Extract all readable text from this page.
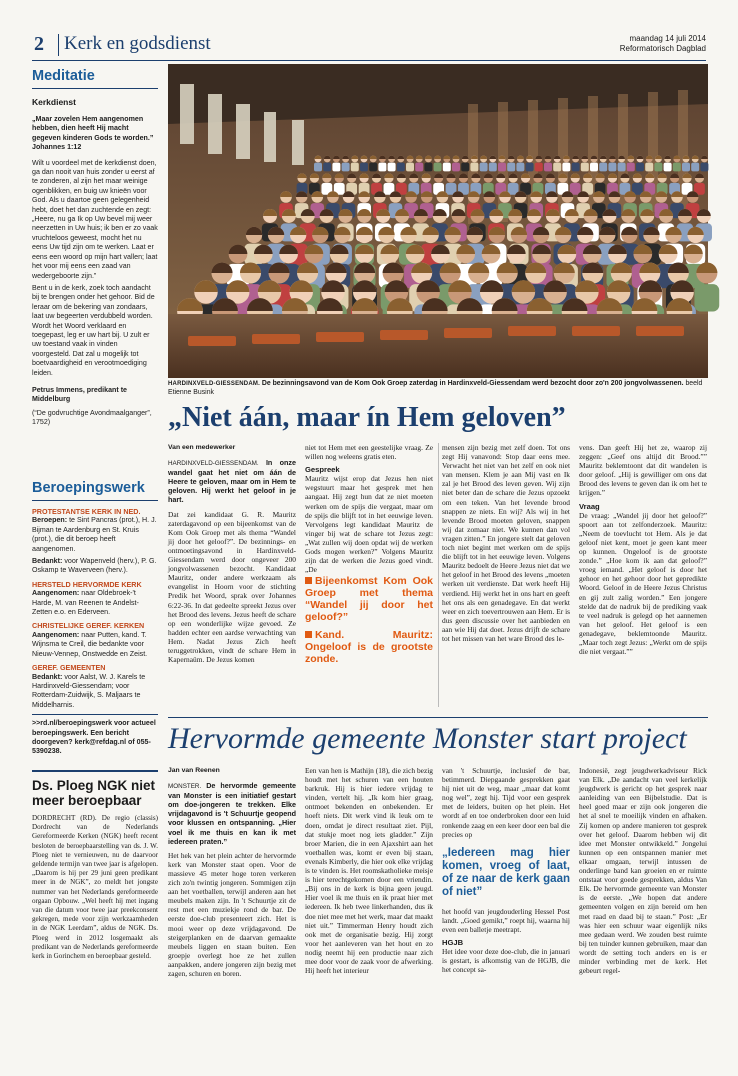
2 Kerk en godsdienst	maandag 14 juli 2014
Reformatorisch Dagblad
Meditatie
Kerkdienst
„Maar zovelen Hem aangenomen hebben, dien heeft Hij macht gegeven kinderen Gods te worden.” Johannes 1:12

Wilt u voordeel met de kerkdienst doen, ga dan nooit van huis zonder u eerst af te zonderen, al zijn het maar weinige ogenblikken, en buig uw knieën voor God. Als u daartoe geen gelegenheid hebt, doet het dan zuchtende en zegt: „Heere, nu ga Ik op Uw bevel mij weer neerzetten in Uw huis; ik ben er zo vaak vruchteloos geweest, mocht het nu eens Uw tijd zijn om te werken. Laat er eens een woord op mijn hart vallen; laat het voor mij eens een zaad van wedergeboorte zijn.”

Bent u in de kerk, zoek toch aandacht bij te brengen onder het gehoor. Bid de leraar om de bekering van zondaars, laat uw begeerten verdubbeld worden. Wordt het Woord verklaard en toegepast, leg er uw hart bij. U zult er uw toestand vaak in vinden voorgesteld. Dat zal u mogelijk tot boetvaardigheid en verootmoediging leiden.

Petrus Immens, predikant te Middelburg
(“De godvruchtige Avondmaalganger”, 1752)
Beroepingswerk
PROTESTANTSE KERK IN NED.

Beroepen: te Sint Pancras (prot.), H. J. Bijman te Aardenburg en St. Kruis (prot.), die dit beroep heeft aangenomen.

Bedankt: voor Wapenveld (herv.), P. G. Oskamp te Waverveen (herv.).

HERSTELD HERVORMDE KERK

Aangenomen: naar Oldebroek-'t Harde, M. van Reenen te Andelst-Zetten e.o. en Ederveen.

CHRISTELIJKE GEREF. KERKEN

Aangenomen: naar Putten, kand. T. Wijnsma te Creil, die bedankte voor Nieuw-Vennep, Onstwedde en Zeist.

GEREF. GEMEENTEN

Bedankt: voor Aalst, W. J. Karels te Hardinxveld-Giessendam; voor Rotterdam-Zuidwijk, S. Maljaars te Middelharnis.

>>rd.nl/beroepingswerk voor actueel beroepingswerk. Een bericht doorgeven? kerk@refdag.nl of 055-5390238.
Ds. Ploeg NGK niet meer beroepbaar
DORDRECHT (RD). De regio (classis) Dordrecht van de Nederlands Gereformeerde Kerken (NGK) heeft recent besloten de beroepbaarstelling van ds. J. W. Ploeg niet te vernieuwen, nu de daarvoor geldende termijn van twee jaar is afgelopen. „Daarom is hij per 29 juni geen predikant meer in de NGK”, zo meldt het jongste nummer van het Nederlands gereformeerde orgaan Opbouw. „Wel heeft hij met ingang van die datum voor twee jaar preekconsent gekregen, mede voor zijn werkzaamheden in de NGK Leerdam”, aldus de NGK. Ds. Ploeg werd in 2012 losgemaakt als predikant van de Nederlands gereformeerde kerk in Gorinchem en beroepbaar gesteld.
HARDINXVELD-GIESSENDAM. De bezinningsavond van de Kom Ook Groep zaterdag in Hardinxveld-Giessendam werd bezocht door zo'n 200 jongvolwassenen. beeld Etienne Busink
„Niet áán, maar ín Hem geloven”
Van een medewerker
HARDINXVELD-GIESSENDAM. In onze wandel gaat het niet om áán de Heere te geloven, maar om in Hem te geloven. Hij werkt het geloof in je hart.

Dat zei kandidaat G. R. Mauritz zaterdagavond op een bijeenkomst van de Kom Ook Groep met als thema “Wandel jij door het geloof?”. De bezinnings- en ontmoetingsavond in Hardinxveld-Giessendam werd door ongeveer 200 jongvolwassenen bezocht. Kandidaat Mauritz, onder andere werkzaam als evangelist in Hoorn voor de stichting Predik het Woord, sprak over Johannes 6:22-36. In dat gedeelte spreekt Jezus over het Brood des levens. Jezus heeft de schare op een wonderlijke wijze gevoed. Ze hadden echter een aardse verwachting van Hem. Nadat Jezus Zich heeft teruggetrokken, vindt de schare Hem in Kapernaüm. De Jezus komen

niet tot Hem met een geestelijke vraag. Ze willen nog weleens gratis eten.

Gespreek

Mauritz wijst erop dat Jezus hen niet wegstuurt maar het gesprek met hen aangaat. Hij zegt hun dat ze niet moeten werken om de spijs die vergaat, maar om de spijs die blijft tot in het eeuwige leven. Vervolgens legt kandidaat Mauritz de vinger bij wat de schare tot Jezus zegt: „Wat zullen wij doen opdat wij de werken Gods mogen werken?” Volgens Mauritz zijn dat de werken die Jezus goed vindt. „De

Bijeenkomst Kom Ook Groep met thema “Wandel jij door het geloof?”
Kand. Mauritz: Ongeloof is de grootste zonde.
mensen zijn bezig met zelf doen. Tot ons zegt Hij vanavond: Stop daar eens mee. Verwacht het niet van het zelf en ook niet van mensen. Klem je aan Mij vast en Ik zal je het Brood des leven geven. Wij zijn niet beter dan de schare die Jezus opzoekt om een teken. Van het levende brood snappen ze niets. En wij? Als wij in het levende Brood moeten geloven, snappen wij dat zomaar niet. We kunnen dan vol vragen zitten.” En jongere stelt dat geloven toch niet begint met werken om de spijs die blijft tot in het eeuwige leven. Volgens Mauritz bedoelt de Heere Jezus niet dat we het geloof in het Brood des levens „moeten werken uit verdienste. Dat werk heeft Hij verdiend. Hij werkt het in ons hart en geeft het ons als een genadegave. En dat werkt weer en zich toevertrouwen aan Hem. Er is dus geen discussie over het aanbieden en aan wie Hij dat doet. Jezus drijft de schare tot het missen van het ware Brood des le-

vens. Dan geeft Hij het ze, waarop zij zeggen: „Geef ons altijd dit Brood.”” Mauritz beklemtoont dat dit wandelen is door geloof. „Hij is gewilliger om ons dat Brood des levens te geven dan ik om het te krijgen.”

Vraag

De vraag: „Wandel jij door het geloof?” spoort aan tot zelfonderzoek. Mauritz: „Neem de toevlucht tot Hem. Als je dat geloof niet kent, moet je geen kant meer op kunnen. Ongeloof is de grootste zonde.” „Hoe kom ik aan dat geloof?” vroeg iemand. „Het geloof is door het gehoor en het gehoor door het gepredikte Woord. Geloof in de Heere Jezus Christus en gij zult zalig worden.” Een jongere stelde dat de nadruk bij de prediking vaak te veel nadruk is gelegd op het aannemen van het geloof. Het geloof is een genadegave, beklemtoonde Mauritz. „Maar toch zegt Jezus: „Werkt om de spijs die niet vergaat.””

Hervormde gemeente Monster start project
Jan van Reenen
MONSTER. De hervormde gemeente van Monster is een initiatief gestart om doe-jongeren te trekken. Elke vrijdagavond is 't Schuurtje geopend voor klussen en ontspanning. „Hier voel ik me thuis en kan ik met iedereen praten.”

Het hek van het plein achter de hervormde kerk van Monster staat open. Voor de massieve 45 meter hoge toren verkeren zich zo'n twintig jongeren. Sommigen zijn aan het voetballen, terwijl anderen aan het meubels maken zijn. In 't Schuurtje zit de rest met een muziekje rond de bar. De eerste doe-club presenteert zich. Het is mooi weer op deze vrijdagavond. De steigerplanken en de daarvan gemaakte meubels liggen en staan buiten. Een groepje overlegt hoe ze het zullen aanpakken, andere jongeren zijn bezig met zagen, schuren en boren.

Een van hen is Mathijn (18), die zich bezig houdt met het schuren van een houten barkruk. Hij is hier iedere vrijdag te vinden, vertelt hij. „Ik kom hier graag, ontmoet bekenden en onbekenden. Er hoeft niets. Dit werk vind ik leuk om te doen, omdat je direct resultaat ziet. Pijl, dat stukje moet nog iets gladder.” Zijn broer Marien, die in een Ajaxshirt aan het voetballen was, komt er even bij staan, evenals Kimberly, die hier ook elke vrijdag is te vinden is. Het roomskatholieke meisje is hier terechtgekomen door een vriendin. „Bij ons in de kerk is bijna geen jeugd. Hier voel ik me thuis en ik praat hier met iedereen. Ik heb twee linkerhanden, dus ik doe niet mee met het werk, maar dat maakt niet uit.” Timmerman Henry houdt zich ook met de organisatie bezig. Hij zorgt voor het aanleveren van het hout en zo nodig neemt hij een productie naar zich mee door voor de zaak voor de afwerking. Hij heeft het interieur

van 't Schuurtje, inclusief de bar, betimmerd. Diepgaande gesprekken gaat hij niet uit de weg, maar „maar dat komt nog wel”, zegt hij. Tijd voor een gesprek met de leiders, buiten op het plein. Het wordt af en toe onderbroken door een luid ronkende zaag en een keer door een bal die precies op

„Iedereen mag hier komen, vroeg of laat, of ze naar de kerk gaan of niet”

het hoofd van jeugdouderling Hessel Post landt. „Goed gemikt,” roept hij, waarna hij even een balletje meetrapt.

HGJB

Het idee voor deze doe-club, die in januari is gestart, is afkomstig van de HGJB, die het concept sa-

Indonesië, zegt jeugdwerkadviseur Rick van Elk. „De aandacht van veel kerkelijk jeugdwerk is gericht op het gesprek naar aanleiding van een Bijbelstudie. Dat is heel goed maar er zijn ook jongeren die het al snel te moeilijk vinden en afhaken. Zij komen op andere manieren tot gesprek over het geloof. Daarom hebben wij dit idee met Monster ontwikkeld.” Jongelui kunnen op een ontspannen manier met elkaar omgaan, terwijl intussen de onderlinge band kan groeien en er ruimte ontstaat voor goede gesprekken, aldus Van Elk. De hervormde gemeente van Monster is de eerste. „We hopen dat andere gemeenten volgen en zijn bereid om hen met raad en daad bij te staan.” Post: „Er was hier een schuur waar eigenlijk niks mee gedaan werd. We zouden best ruimte bij ten tuinder kunnen gebruiken, maar dan wordt de setting toch anders en is er minder verbinding met de kerk. Het gebeurt regel-
